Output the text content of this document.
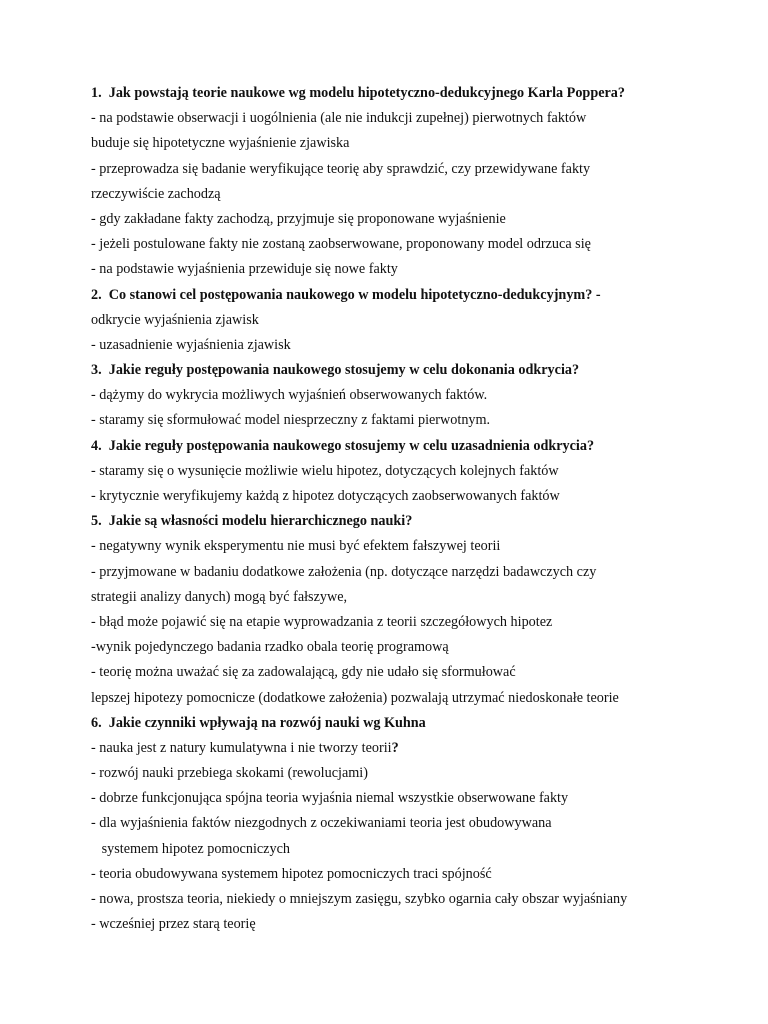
1.  Jak powstają teorie naukowe wg modelu hipotetyczno-dedukcyjnego Karla Poppera?
- na podstawie obserwacji i uogólnienia (ale nie indukcji zupełnej) pierwotnych faktów
buduje się hipotetyczne wyjaśnienie zjawiska
- przeprowadza się badanie weryfikujące teorię aby sprawdzić, czy przewidywane fakty
rzeczywiście zachodzą
- gdy zakładane fakty zachodzą, przyjmuje się proponowane wyjaśnienie
- jeżeli postulowane fakty nie zostaną zaobserwowane, proponowany model odrzuca się
- na podstawie wyjaśnienia przewiduje się nowe fakty
2.  Co stanowi cel postępowania naukowego w modelu hipotetyczno-dedukcyjnym? -
odkrycie wyjaśnienia zjawisk
- uzasadnienie wyjaśnienia zjawisk
3.  Jakie reguły postępowania naukowego stosujemy w celu dokonania odkrycia?
- dążymy do wykrycia możliwych wyjaśnień obserwowanych faktów.
- staramy się sformułować model niesprzeczny z faktami pierwotnym.
4.  Jakie reguły postępowania naukowego stosujemy w celu uzasadnienia odkrycia?
- staramy się o wysunięcie możliwie wielu hipotez, dotyczących kolejnych faktów
- krytycznie weryfikujemy każdą z hipotez dotyczących zaobserwowanych faktów
5.  Jakie są własności modelu hierarchicznego nauki?
- negatywny wynik eksperymentu nie musi być efektem fałszywej teorii
- przyjmowane w badaniu dodatkowe założenia (np. dotyczące narzędzi badawczych czy
strategii analizy danych) mogą być fałszywe,
- błąd może pojawić się na etapie wyprowadzania z teorii szczegółowych hipotez
-wynik pojedynczego badania rzadko obala teorię programową
- teorię można uważać się za zadowalającą, gdy nie udało się sformułować
lepszej hipotezy pomocnicze (dodatkowe założenia) pozwalają utrzymać niedoskonałe teorie
6.  Jakie czynniki wpływają na rozwój nauki wg Kuhna
- nauka jest z natury kumulatywna i nie tworzy teorii?
- rozwój nauki przebiega skokami (rewolucjami)
- dobrze funkcjonująca spójna teoria wyjaśnia niemal wszystkie obserwowane fakty
- dla wyjaśnienia faktów niezgodnych z oczekiwaniami teoria jest obudowywana
systemem hipotez pomocniczych
- teoria obudowywana systemem hipotez pomocniczych traci spójność
- nowa, prostsza teoria, niekiedy o mniejszym zasięgu, szybko ogarnia cały obszar wyjaśniany
- wcześniej przez starą teorię
